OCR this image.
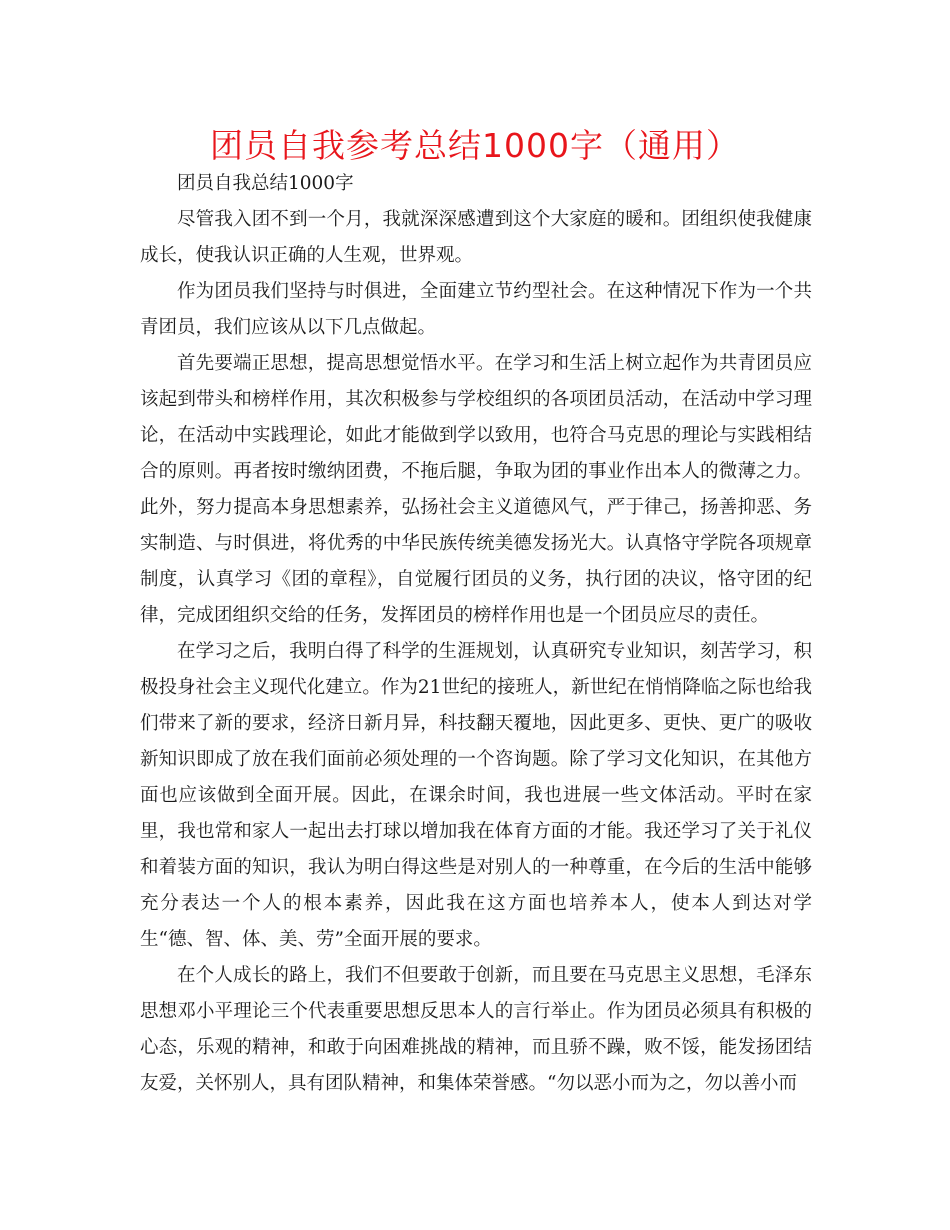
团员自我参考总结1000字（通用）

团员自我总结1000字

尽管我入团不到一个月，我就深深感遭到这个大家庭的暖和。团组织使我健康成长，使我认识正确的人生观，世界观。

作为团员我们坚持与时俱进，全面建立节约型社会。在这种情况下作为一个共青团员，我们应该从以下几点做起。

首先要端正思想，提高思想觉悟水平。在学习和生活上树立起作为共青团员应该起到带头和榜样作用，其次积极参与学校组织的各项团员活动，在活动中学习理论，在活动中实践理论，如此才能做到学以致用，也符合马克思的理论与实践相结合的原则。再者按时缴纳团费，不拖后腿，争取为团的事业作出本人的微薄之力。此外，努力提高本身思想素养，弘扬社会主义道德风气，严于律己，扬善抑恶、务实制造、与时俱进，将优秀的中华民族传统美德发扬光大。认真恪守学院各项规章制度，认真学习《团的章程》，自觉履行团员的义务，执行团的决议，恪守团的纪律，完成团组织交给的任务，发挥团员的榜样作用也是一个团员应尽的责任。

在学习之后，我明白得了科学的生涯规划，认真研究专业知识，刻苦学习，积极投身社会主义现代化建立。作为21世纪的接班人，新世纪在悄悄降临之际也给我们带来了新的要求，经济日新月异，科技翻天覆地，因此更多、更快、更广的吸收新知识即成了放在我们面前必须处理的一个咨询题。除了学习文化知识，在其他方面也应该做到全面开展。因此，在课余时间，我也进展一些文体活动。平时在家里，我也常和家人一起出去打球以增加我在体育方面的才能。我还学习了关于礼仪和着装方面的知识，我认为明白得这些是对别人的一种尊重，在今后的生活中能够充分表达一个人的根本素养，因此我在这方面也培养本人，使本人到达对学生“德、智、体、美、劳”全面开展的要求。

在个人成长的路上，我们不但要敢于创新，而且要在马克思主义思想，毛泽东思想邓小平理论三个代表重要思想反思本人的言行举止。作为团员必须具有积极的心态，乐观的精神，和敢于向困难挑战的精神，而且骄不躁，败不馁，能发扬团结友爱，关怀别人，具有团队精神，和集体荣誉感。“勿以恶小而为之，勿以善小而
